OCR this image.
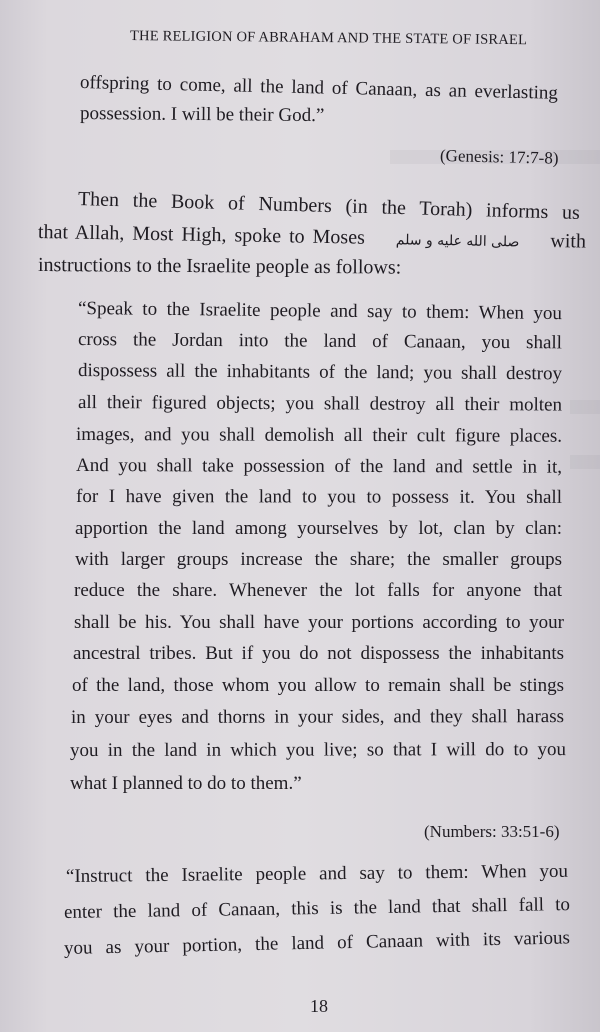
THE RELIGION OF ABRAHAM AND THE STATE OF ISRAEL
offspring to come, all the land of Canaan, as an everlasting
possession. I will be their God.”
(Genesis: 17:7-8)
Then the Book of Numbers (in the Torah) informs us
that Allah, Most High, spoke to Moses صلى الله عليه و سلم with
instructions to the Israelite people as follows:
“Speak to the Israelite people and say to them: When you
cross the Jordan into the land of Canaan, you shall
dispossess all the inhabitants of the land; you shall destroy
all their figured objects; you shall destroy all their molten
images, and you shall demolish all their cult figure places.
And you shall take possession of the land and settle in it,
for I have given the land to you to possess it. You shall
apportion the land among yourselves by lot, clan by clan:
with larger groups increase the share; the smaller groups
reduce the share. Whenever the lot falls for anyone that
shall be his. You shall have your portions according to your
ancestral tribes. But if you do not dispossess the inhabitants
of the land, those whom you allow to remain shall be stings
in your eyes and thorns in your sides, and they shall harass
you in the land in which you live; so that I will do to you
what I planned to do to them.”
(Numbers: 33:51-6)
“Instruct the Israelite people and say to them: When you
enter the land of Canaan, this is the land that shall fall to
you as your portion, the land of Canaan with its various
18
